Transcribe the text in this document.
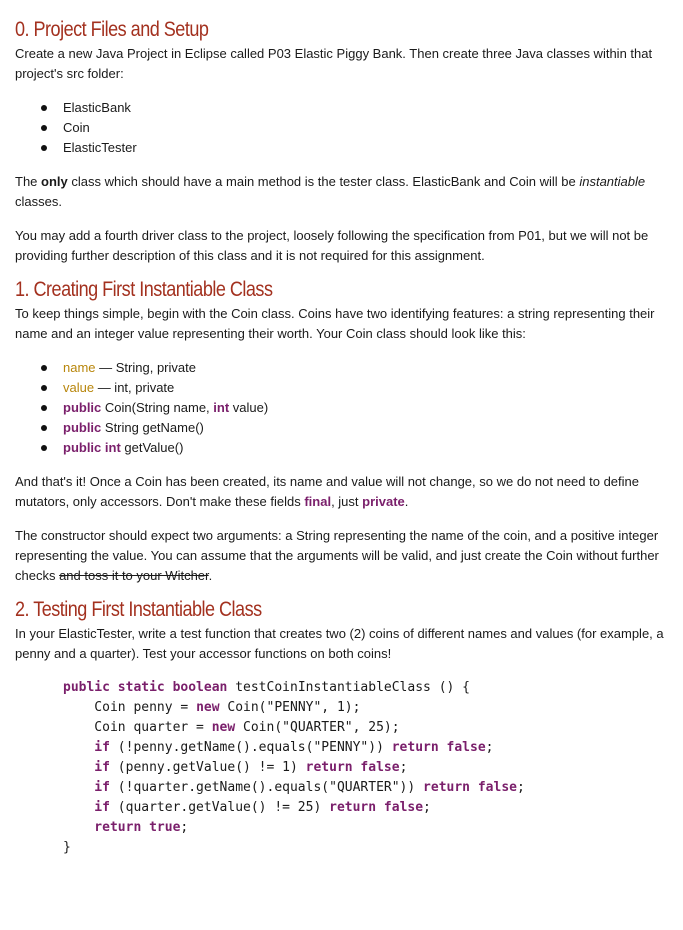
0. Project Files and Setup

Create a new Java Project in Eclipse called P03 Elastic Piggy Bank. Then create three Java classes within that project's src folder:

ElasticBank
Coin
ElasticTester

The only class which should have a main method is the tester class. ElasticBank and Coin will be instantiable classes.

You may add a fourth driver class to the project, loosely following the specification from P01, but we will not be providing further description of this class and it is not required for this assignment.

1. Creating First Instantiable Class

To keep things simple, begin with the Coin class. Coins have two identifying features: a string representing their name and an integer value representing their worth. Your Coin class should look like this:

name — String, private
value — int, private
public Coin(String name, int value)
public String getName()
public int getValue()

And that's it! Once a Coin has been created, its name and value will not change, so we do not need to define mutators, only accessors. Don't make these fields final, just private.

The constructor should expect two arguments: a String representing the name of the coin, and a positive integer representing the value. You can assume that the arguments will be valid, and just create the Coin without further checks and toss it to your Witcher.

2. Testing First Instantiable Class

In your ElasticTester, write a test function that creates two (2) coins of different names and values (for example, a penny and a quarter). Test your accessor functions on both coins!

public static boolean testCoinInstantiableClass () {
Coin penny = new Coin("PENNY", 1);
Coin quarter = new Coin("QUARTER", 25);
if (!penny.getName().equals("PENNY")) return false;
if (penny.getValue() != 1) return false;
if (!quarter.getName().equals("QUARTER")) return false;
if (quarter.getValue() != 25) return false;
return true;
}
